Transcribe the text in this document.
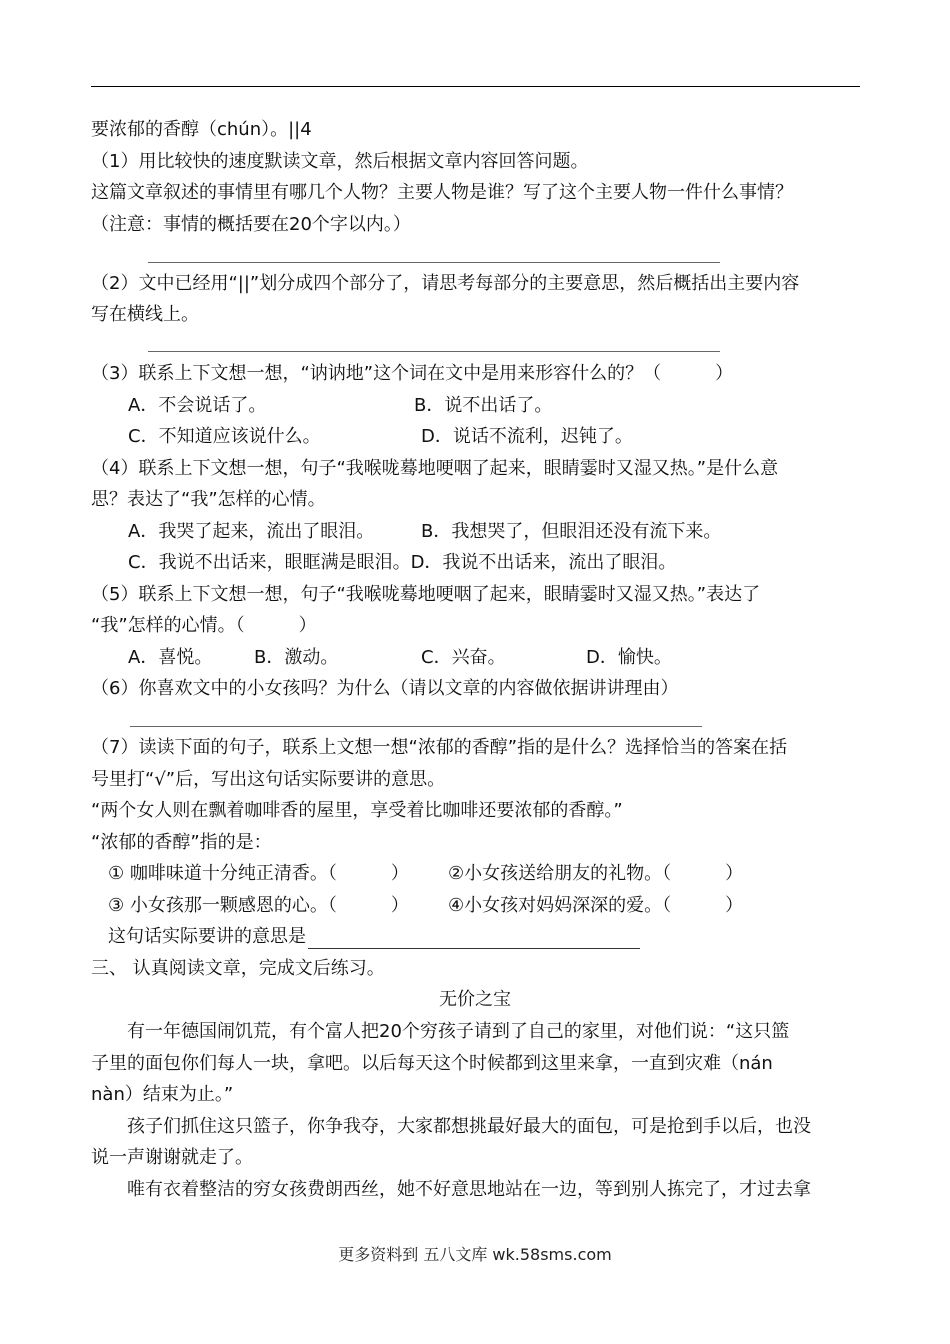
要浓郁的香醇（chún）。||4
（1）用比较快的速度默读文章，然后根据文章内容回答问题。
这篇文章叙述的事情里有哪几个人物？主要人物是谁？写了这个主要人物一件什么事情？
（注意：事情的概括要在20个字以内。）
（2）文中已经用“||”划分成四个部分了，请思考每部分的主要意思，然后概括出主要内容
写在横线上。
（3）联系上下文想一想，“讷讷地”这个词在文中是用来形容什么的？（　　　）
A．不会说话了。	B．说不出话了。
C．不知道应该说什么。	D．说话不流利，迟钝了。
（4）联系上下文想一想，句子“我喉咙蓦地哽咽了起来，眼睛霎时又湿又热。”是什么意
思？表达了“我”怎样的心情。
A．我哭了起来，流出了眼泪。	B．我想哭了，但眼泪还没有流下来。
C．我说不出话来，眼眶满是眼泪。D．我说不出话来，流出了眼泪。
（5）联系上下文想一想，句子“我喉咙蓦地哽咽了起来，眼睛霎时又湿又热。”表达了
“我”怎样的心情。（　　　）
A．喜悦。	B．激动。	C．兴奋。	D．愉快。
（6）你喜欢文中的小女孩吗？为什么（请以文章的内容做依据讲讲理由）
（7）读读下面的句子，联系上文想一想“浓郁的香醇”指的是什么？选择恰当的答案在括
号里打“√”后，写出这句话实际要讲的意思。
“两个女人则在飘着咖啡香的屋里，享受着比咖啡还要浓郁的香醇。”
“浓郁的香醇”指的是：
① 咖啡味道十分纯正清香。（　　　）	②小女孩送给朋友的礼物。（　　　）
③ 小女孩那一颗感恩的心。（　　　）	④小女孩对妈妈深深的爱。（　　　）
这句话实际要讲的意思是
三、 认真阅读文章，完成文后练习。
无价之宝
　　有一年德国闹饥荒，有个富人把20个穷孩子请到了自己的家里，对他们说：“这只篮
子里的面包你们每人一块，拿吧。以后每天这个时候都到这里来拿，一直到灾难（nán
nàn）结束为止。”
　　孩子们抓住这只篮子，你争我夺，大家都想挑最好最大的面包，可是抢到手以后，也没
说一声谢谢就走了。
　　唯有衣着整洁的穷女孩费朗西丝，她不好意思地站在一边，等到别人拣完了，才过去拿
更多资料到 五八文库 wk.58sms.com
